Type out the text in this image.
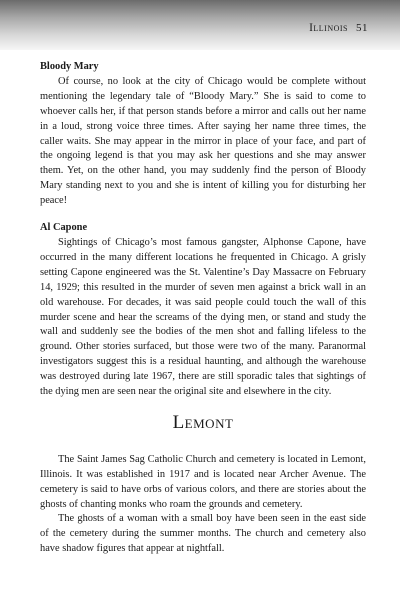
Illinois 51

Bloody Mary

Of course, no look at the city of Chicago would be complete without mentioning the legendary tale of “Bloody Mary.” She is said to come to whoever calls her, if that person stands before a mirror and calls out her name in a loud, strong voice three times. After saying her name three times, the caller waits. She may appear in the mirror in place of your face, and part of the ongoing legend is that you may ask her questions and she may answer them. Yet, on the other hand, you may suddenly find the person of Bloody Mary standing next to you and she is intent of killing you for disturbing her peace!

Al Capone

Sightings of Chicago’s most famous gangster, Alphonse Capone, have occurred in the many different locations he frequented in Chicago. A grisly setting Capone engineered was the St. Valentine’s Day Massacre on February 14, 1929; this resulted in the murder of seven men against a brick wall in an old warehouse. For decades, it was said people could touch the wall of this murder scene and hear the screams of the dying men, or stand and study the wall and suddenly see the bodies of the men shot and falling lifeless to the ground. Other stories surfaced, but those were two of the many. Paranormal investigators suggest this is a residual haunting, and although the warehouse was destroyed during late 1967, there are still sporadic tales that sightings of the dying men are seen near the original site and elsewhere in the city.

Lemont

The Saint James Sag Catholic Church and cemetery is located in Lemont, Illinois. It was established in 1917 and is located near Archer Avenue. The cemetery is said to have orbs of various colors, and there are stories about the ghosts of chanting monks who roam the grounds and cemetery.

The ghosts of a woman with a small boy have been seen in the east side of the cemetery during the summer months. The church and cemetery also have shadow figures that appear at nightfall.
